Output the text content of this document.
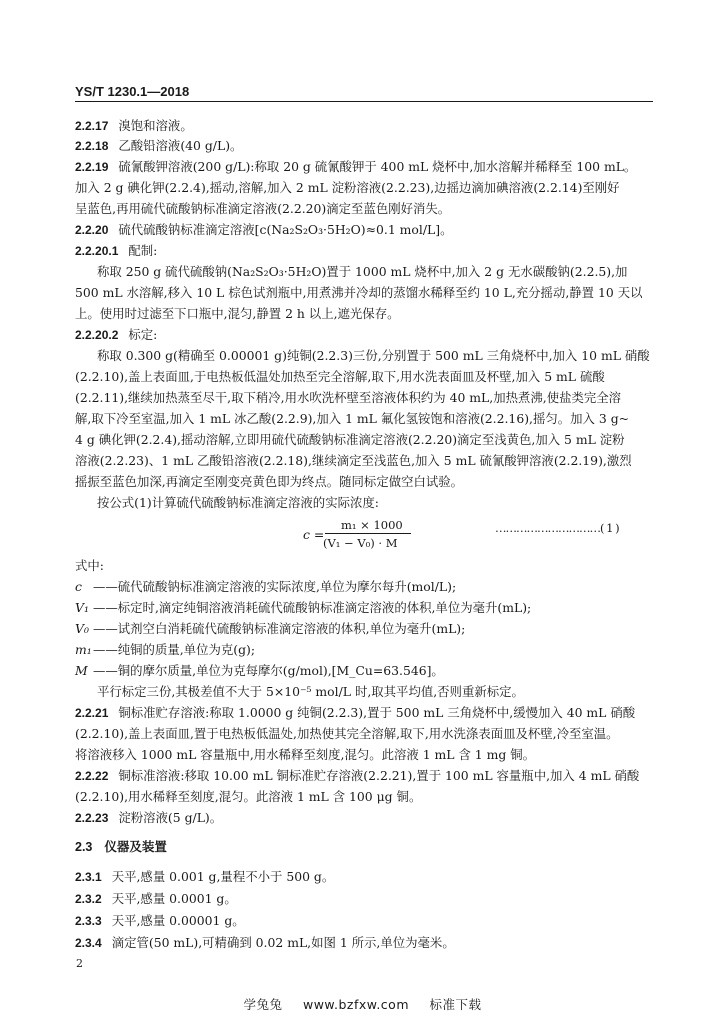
YS/T 1230.1—2018
2.2.17 溴饱和溶液。
2.2.18 乙酸铅溶液(40 g/L)。
2.2.19 硫氰酸钾溶液(200 g/L):称取 20 g 硫氰酸钾于 400 mL 烧杯中,加水溶解并稀释至 100 mL。
加入 2 g 碘化钾(2.2.4),摇动,溶解,加入 2 mL 淀粉溶液(2.2.23),边摇边滴加碘溶液(2.2.14)至刚好
呈蓝色,再用硫代硫酸钠标准滴定溶液(2.2.20)滴定至蓝色刚好消失。
2.2.20 硫代硫酸钠标准滴定溶液[c(Na₂S₂O₃·5H₂O)≈0.1 mol/L]。
2.2.20.1 配制:
称取 250 g 硫代硫酸钠(Na₂S₂O₃·5H₂O)置于 1000 mL 烧杯中,加入 2 g 无水碳酸钠(2.2.5),加
500 mL 水溶解,移入 10 L 棕色试剂瓶中,用煮沸并冷却的蒸馏水稀释至约 10 L,充分摇动,静置 10 天以
上。使用时过滤至下口瓶中,混匀,静置 2 h 以上,遮光保存。
2.2.20.2 标定:
称取 0.300 g(精确至 0.00001 g)纯铜(2.2.3)三份,分别置于 500 mL 三角烧杯中,加入 10 mL 硝酸
(2.2.10),盖上表面皿,于电热板低温处加热至完全溶解,取下,用水洗表面皿及杯壁,加入 5 mL 硫酸
(2.2.11),继续加热蒸至尽干,取下稍冷,用水吹洗杯壁至溶液体积约为 40 mL,加热煮沸,使盐类完全溶
解,取下冷至室温,加入 1 mL 冰乙酸(2.2.9),加入 1 mL 氟化氢铵饱和溶液(2.2.16),摇匀。加入 3 g~
4 g 碘化钾(2.2.4),摇动溶解,立即用硫代硫酸钠标准滴定溶液(2.2.20)滴定至浅黄色,加入 5 mL 淀粉
溶液(2.2.23)、1 mL 乙酸铅溶液(2.2.18),继续滴定至浅蓝色,加入 5 mL 硫氰酸钾溶液(2.2.19),激烈
摇振至蓝色加深,再滴定至刚变亮黄色即为终点。随同标定做空白试验。
按公式(1)计算硫代硫酸钠标准滴定溶液的实际浓度:
c =
m₁ × 1000
(V₁ − V₀) · M
…………………………( 1 )
式中:
c ——硫代硫酸钠标准滴定溶液的实际浓度,单位为摩尔每升(mol/L);
V₁ ——标定时,滴定纯铜溶液消耗硫代硫酸钠标准滴定溶液的体积,单位为毫升(mL);
V₀ ——试剂空白消耗硫代硫酸钠标准滴定溶液的体积,单位为毫升(mL);
m₁——纯铜的质量,单位为克(g);
M ——铜的摩尔质量,单位为克每摩尔(g/mol),[M_Cu=63.546]。
平行标定三份,其极差值不大于 5×10⁻⁵ mol/L 时,取其平均值,否则重新标定。
2.2.21 铜标准贮存溶液:称取 1.0000 g 纯铜(2.2.3),置于 500 mL 三角烧杯中,缓慢加入 40 mL 硝酸
(2.2.10),盖上表面皿,置于电热板低温处,加热使其完全溶解,取下,用水洗涤表面皿及杯壁,冷至室温。
将溶液移入 1000 mL 容量瓶中,用水稀释至刻度,混匀。此溶液 1 mL 含 1 mg 铜。
2.2.22 铜标准溶液:移取 10.00 mL 铜标准贮存溶液(2.2.21),置于 100 mL 容量瓶中,加入 4 mL 硝酸
(2.2.10),用水稀释至刻度,混匀。此溶液 1 mL 含 100 μg 铜。
2.2.23 淀粉溶液(5 g/L)。
2.3 仪器及装置
2.3.1 天平,感量 0.001 g,量程不小于 500 g。
2.3.2 天平,感量 0.0001 g。
2.3.3 天平,感量 0.00001 g。
2.3.4 滴定管(50 mL),可精确到 0.02 mL,如图 1 所示,单位为毫米。
2
学兔兔 www.bzfxw.com 标准下载
